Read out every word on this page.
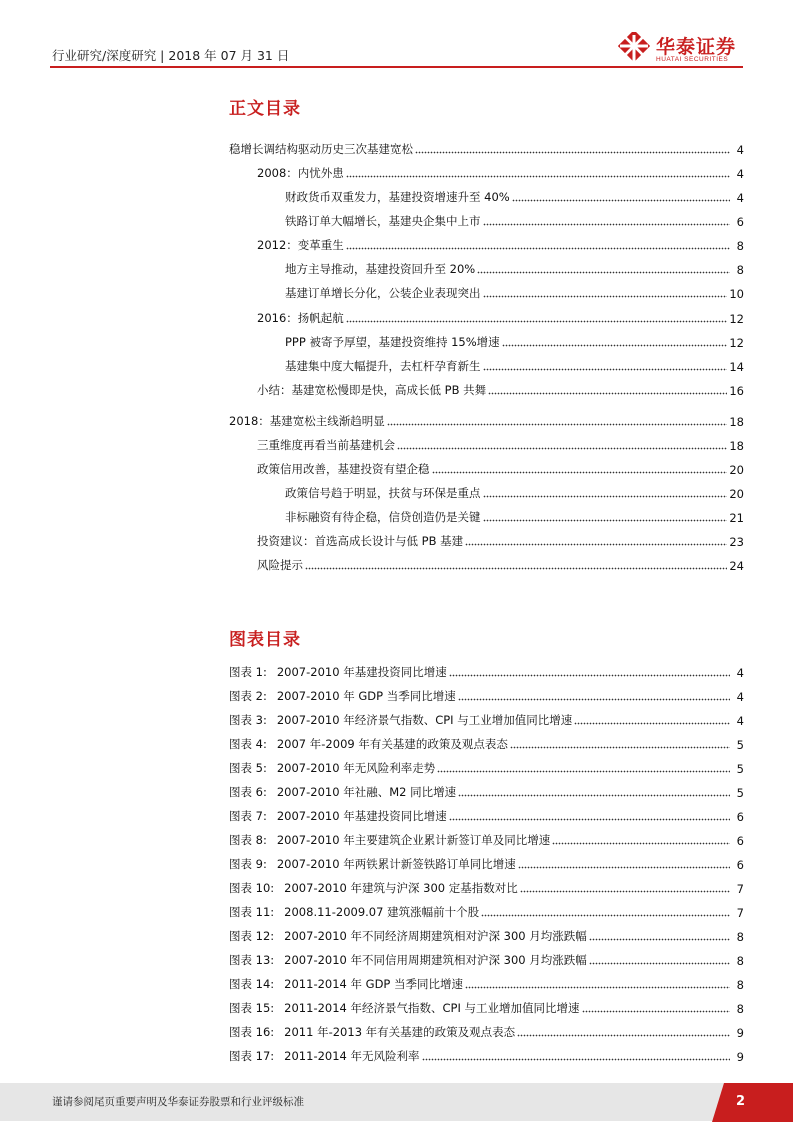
行业研究/深度研究 | 2018 年 07 月 31 日	华泰证券
HUATAI SECURITIES
正文目录
稳增长调结构驱动历史三次基建宽松	4
2008：内忧外患	4
财政货币双重发力，基建投资增速升至 40%	4
铁路订单大幅增长，基建央企集中上市	6
2012：变革重生	8
地方主导推动，基建投资回升至 20%	8
基建订单增长分化，公装企业表现突出	10
2016：扬帆起航	12
PPP 被寄予厚望，基建投资维持 15%增速	12
基建集中度大幅提升，去杠杆孕育新生	14
小结：基建宽松慢即是快，高成长低 PB 共舞	16
2018：基建宽松主线渐趋明显	18
三重维度再看当前基建机会	18
政策信用改善，基建投资有望企稳	20
政策信号趋于明显，扶贫与环保是重点	20
非标融资有待企稳，信贷创造仍是关键	21
投资建议：首选高成长设计与低 PB 基建	23
风险提示	24
图表目录
图表 1: 2007-2010 年基建投资同比增速	4
图表 2: 2007-2010 年 GDP 当季同比增速	4
图表 3: 2007-2010 年经济景气指数、CPI 与工业增加值同比增速	4
图表 4: 2007 年-2009 年有关基建的政策及观点表态	5
图表 5: 2007-2010 年无风险利率走势	5
图表 6: 2007-2010 年社融、M2 同比增速	5
图表 7: 2007-2010 年基建投资同比增速	6
图表 8: 2007-2010 年主要建筑企业累计新签订单及同比增速	6
图表 9: 2007-2010 年两铁累计新签铁路订单同比增速	6
图表 10: 2007-2010 年建筑与沪深 300 定基指数对比	7
图表 11: 2008.11-2009.07 建筑涨幅前十个股	7
图表 12: 2007-2010 年不同经济周期建筑相对沪深 300 月均涨跌幅	8
图表 13: 2007-2010 年不同信用周期建筑相对沪深 300 月均涨跌幅	8
图表 14: 2011-2014 年 GDP 当季同比增速	8
图表 15: 2011-2014 年经济景气指数、CPI 与工业增加值同比增速	8
图表 16: 2011 年-2013 年有关基建的政策及观点表态	9
图表 17: 2011-2014 年无风险利率	9
谨请参阅尾页重要声明及华泰证券股票和行业评级标准	2
